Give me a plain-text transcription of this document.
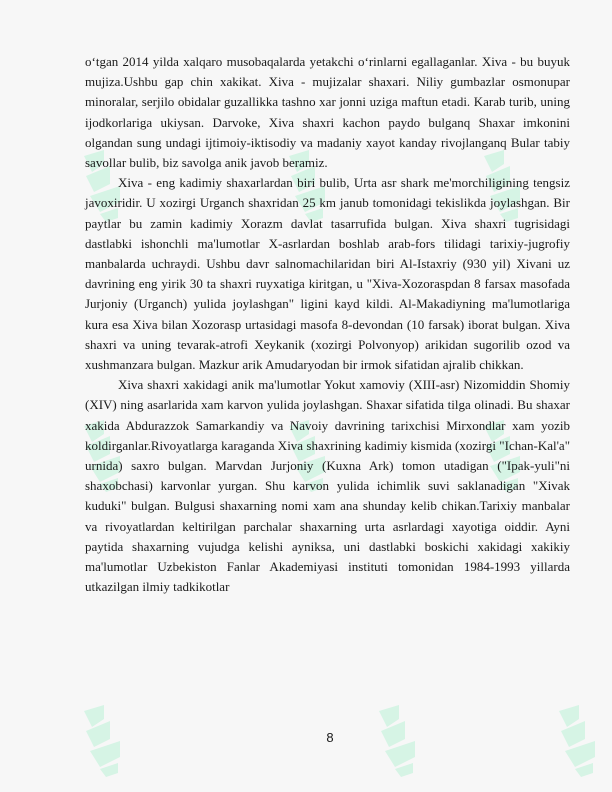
o‘tgan 2014 yilda xalqaro musobaqalarda yetakchi o‘rinlarni egallaganlar. Xiva - bu buyuk mujiza.Ushbu gap chin xakikat. Xiva - mujizalar shaxari. Niliy gumbazlar osmonupar minoralar, serjilo obidalar guzallikka tashno xar jonni uziga maftun etadi. Karab turib, uning ijodkorlariga ukiysan. Darvoke, Xiva shaxri kachon paydo bulganq Shaxar imkonini olgandan sung undagi ijtimoiy-iktisodiy va madaniy xayot kanday rivojlanganq Bular tabiy savollar bulib, biz savolga anik javob beramiz.

Xiva - eng kadimiy shaxarlardan biri bulib, Urta asr shark me'morchiligining tengsiz javoxiridir. U xozirgi Urganch shaxridan 25 km janub tomonidagi tekislikda joylashgan. Bir paytlar bu zamin kadimiy Xorazm davlat tasarrufida bulgan. Xiva shaxri tugrisidagi dastlabki ishonchli ma'lumotlar X-asrlardan boshlab arab-fors tilidagi tarixiy-jugrofiy manbalarda uchraydi. Ushbu davr salnomachilaridan biri Al-Istaxriy (930 yil) Xivani uz davrining eng yirik 30 ta shaxri ruyxatiga kiritgan, u "Xiva-Xozoraspdan 8 farsax masofada Jurjoniy (Urganch) yulida joylashgan" ligini kayd kildi. Al-Makadiyning ma'lumotlariga kura esa Xiva bilan Xozorasp urtasidagi masofa 8-devondan (10 farsak) iborat bulgan. Xiva shaxri va uning tevarak-atrofi Xeykanik (xozirgi Polvonyop) arikidan sugorilib ozod va xushmanzara bulgan. Mazkur arik Amudaryodan bir irmok sifatidan ajralib chikkan.

Xiva shaxri xakidagi anik ma'lumotlar Yokut xamoviy (XIII-asr) Nizomiddin Shomiy (XIV) ning asarlarida xam karvon yulida joylashgan. Shaxar sifatida tilga olinadi. Bu shaxar xakida Abdurazzok Samarkandiy va Navoiy davrining tarixchisi Mirxondlar xam yozib koldirganlar.Rivoyatlarga karaganda Xiva shaxrining kadimiy kismida (xozirgi "Ichan-Kal'a" urnida) saxro bulgan. Marvdan Jurjoniy (Kuxna Ark) tomon utadigan ("Ipak-yuli"ni shaxobchasi) karvonlar yurgan. Shu karvon yulida ichimlik suvi saklanadigan "Xivak kuduki" bulgan. Bulgusi shaxarning nomi xam ana shunday kelib chikan.Tarixiy manbalar va rivoyatlardan keltirilgan parchalar shaxarning urta asrlardagi xayotiga oiddir. Ayni paytida shaxarning vujudga kelishi ayniksa, uni dastlabki boskichi xakidagi xakikiy ma'lumotlar Uzbekiston Fanlar Akademiyasi instituti tomonidan 1984-1993 yillarda utkazilgan ilmiy tadkikotlar

8
